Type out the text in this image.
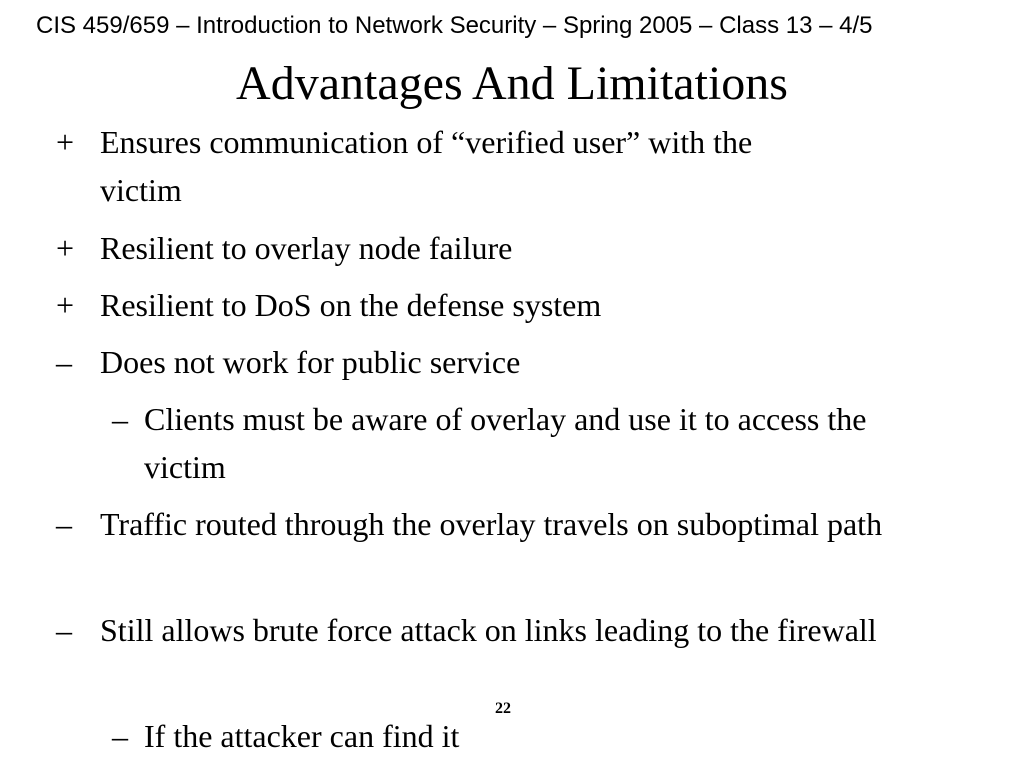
CIS 459/659 – Introduction to Network Security – Spring 2005 – Class 13 – 4/5
Advantages And Limitations
+ Ensures communication of “verified user” with the victim
+ Resilient to overlay node failure
+ Resilient to DoS on the defense system
– Does not work for public service
– Clients must be aware of overlay and use it to access the victim
– Traffic routed through the overlay travels on suboptimal path
– Still allows brute force attack on links leading to the firewall
– If the attacker can find it
22
